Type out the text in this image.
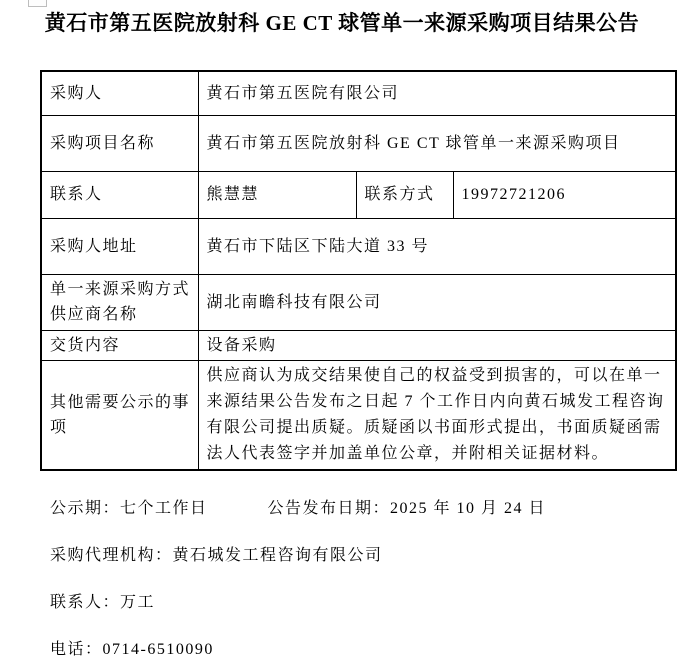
黄石市第五医院放射科 GE CT 球管单一来源采购项目结果公告
采购人	黄石市第五医院有限公司		
采购项目名称	黄石市第五医院放射科 GE CT 球管单一来源采购项目		
联系人	熊慧慧	联系方式	19972721206
采购人地址	黄石市下陆区下陆大道 33 号		
单一来源采购方式供应商名称	湖北南瞻科技有限公司		
交货内容	设备采购		
其他需要公示的事项	供应商认为成交结果使自己的权益受到损害的，可以在单一来源结果公告发布之日起 7 个工作日内向黄石城发工程咨询有限公司提出质疑。质疑函以书面形式提出，书面质疑函需法人代表签字并加盖单位公章，并附相关证据材料。		

公示期：七个工作日	公告发布日期：2025 年 10 月 24 日

采购代理机构：黄石城发工程咨询有限公司

联系人：万工

电话：0714-6510090
